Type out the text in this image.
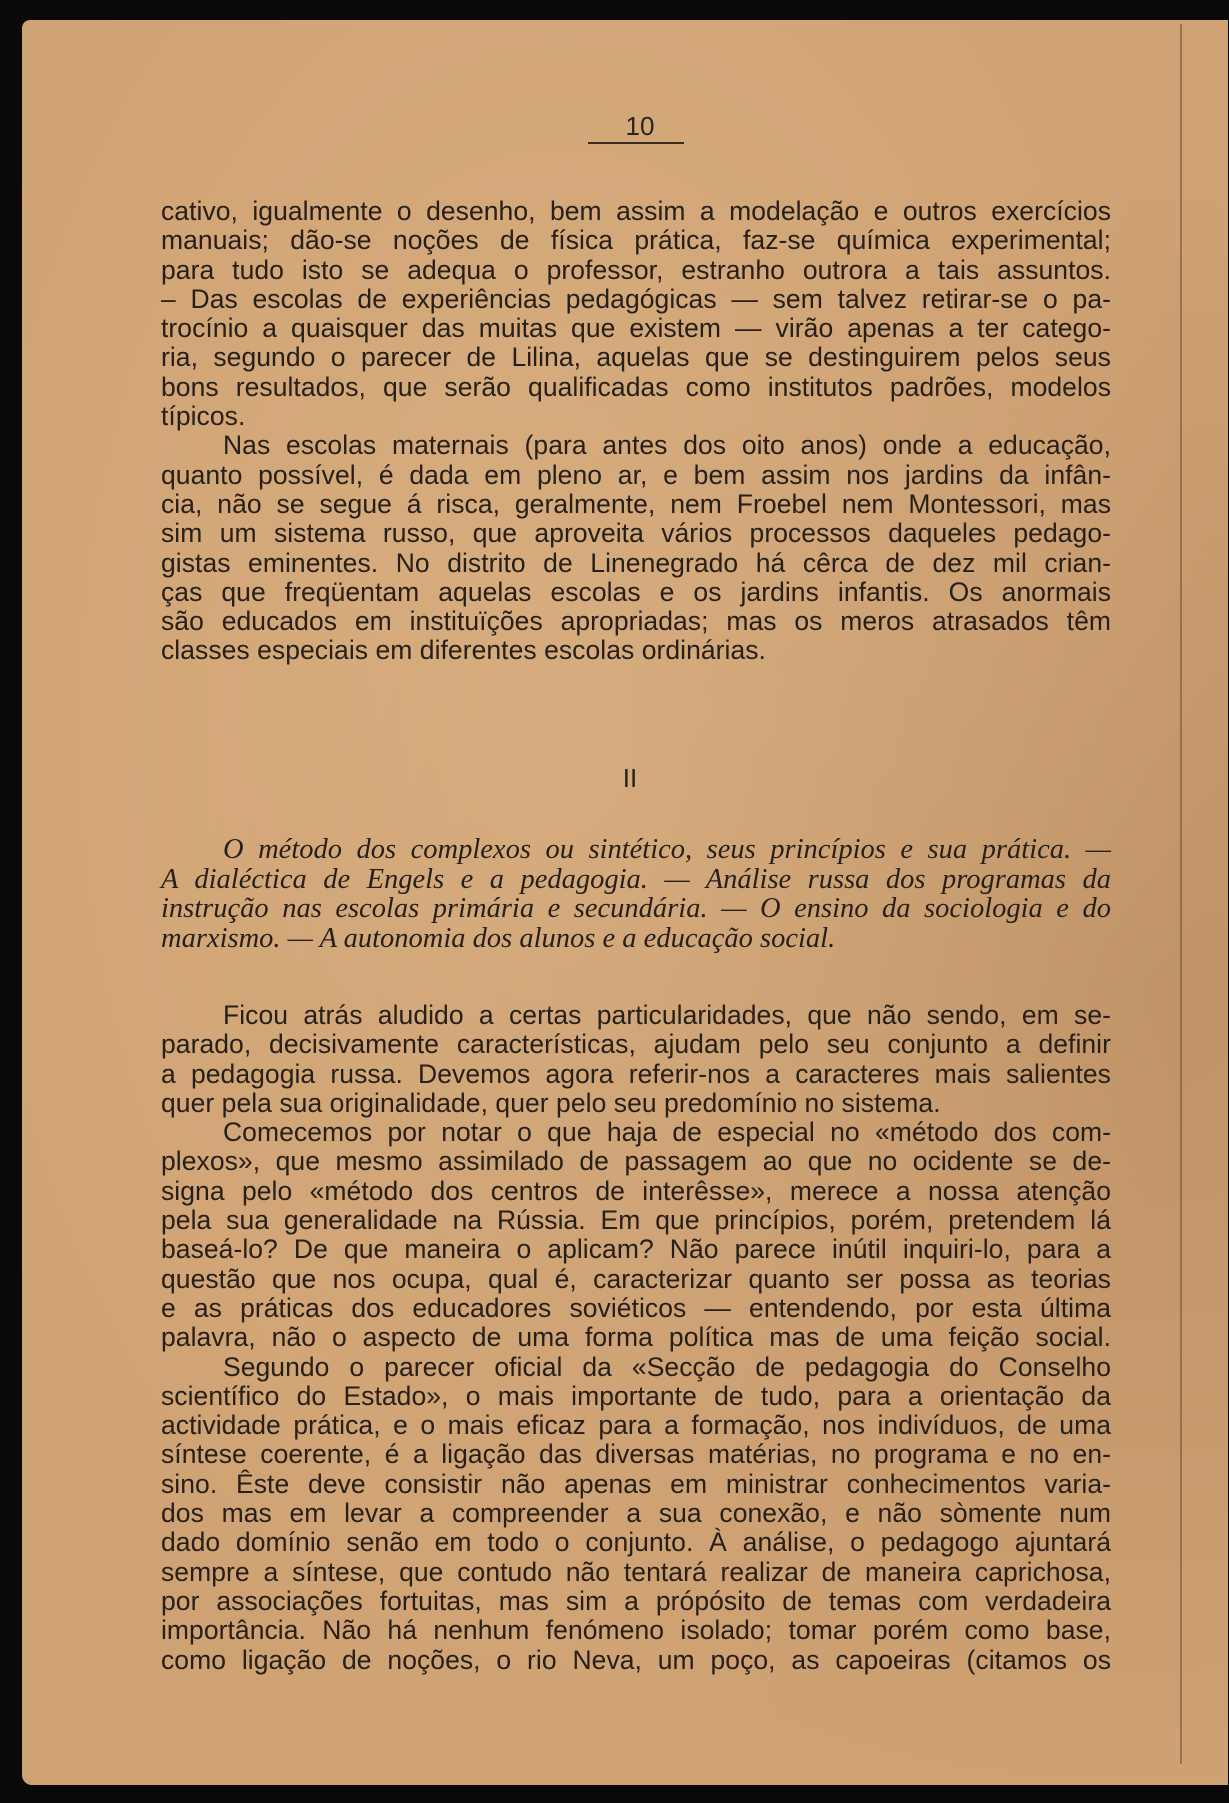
10
cativo, igualmente o desenho, bem assim a modelação e outros exercícios
manuais; dão-se noções de física prática, faz-se química experimental;
para tudo isto se adequa o professor, estranho outrora a tais assuntos.
– Das escolas de experiências pedagógicas — sem talvez retirar-se o pa-
trocínio a quaisquer das muitas que existem — virão apenas a ter catego-
ria, segundo o parecer de Lilina, aquelas que se destinguirem pelos seus
bons resultados, que serão qualificadas como institutos padrões, modelos
típicos.
Nas escolas maternais (para antes dos oito anos) onde a educação,
quanto possível, é dada em pleno ar, e bem assim nos jardins da infân-
cia, não se segue á risca, geralmente, nem Froebel nem Montessori, mas
sim um sistema russo, que aproveita vários processos daqueles pedago-
gistas eminentes. No distrito de Linenegrado há cêrca de dez mil crian-
ças que freqüentam aquelas escolas e os jardins infantis. Os anormais
são educados em instituïções apropriadas; mas os meros atrasados têm
classes especiais em diferentes escolas ordinárias.
II
O método dos complexos ou sintético, seus princípios e sua prática. —
A dialéctica de Engels e a pedagogia. — Análise russa dos programas da
instrução nas escolas primária e secundária. — O ensino da sociologia e do
marxismo. — A autonomia dos alunos e a educação social.
Ficou atrás aludido a certas particularidades, que não sendo, em se-
parado, decisivamente características, ajudam pelo seu conjunto a definir
a pedagogia russa. Devemos agora referir-nos a caracteres mais salientes
quer pela sua originalidade, quer pelo seu predomínio no sistema.
Comecemos por notar o que haja de especial no «método dos com-
plexos», que mesmo assimilado de passagem ao que no ocidente se de-
signa pelo «método dos centros de interêsse», merece a nossa atenção
pela sua generalidade na Rússia. Em que princípios, porém, pretendem lá
baseá-lo? De que maneira o aplicam? Não parece inútil inquiri-lo, para a
questão que nos ocupa, qual é, caracterizar quanto ser possa as teorias
e as práticas dos educadores soviéticos — entendendo, por esta última
palavra, não o aspecto de uma forma política mas de uma feição social.
Segundo o parecer oficial da «Secção de pedagogia do Conselho
scientífico do Estado», o mais importante de tudo, para a orientação da
actividade prática, e o mais eficaz para a formação, nos indivíduos, de uma
síntese coerente, é a ligação das diversas matérias, no programa e no en-
sino. Êste deve consistir não apenas em ministrar conhecimentos varia-
dos mas em levar a compreender a sua conexão, e não sòmente num
dado domínio senão em todo o conjunto. À análise, o pedagogo ajuntará
sempre a síntese, que contudo não tentará realizar de maneira caprichosa,
por associações fortuitas, mas sim a própósito de temas com verdadeira
importância. Não há nenhum fenómeno isolado; tomar porém como base,
como ligação de noções, o rio Neva, um poço, as capoeiras (citamos os
